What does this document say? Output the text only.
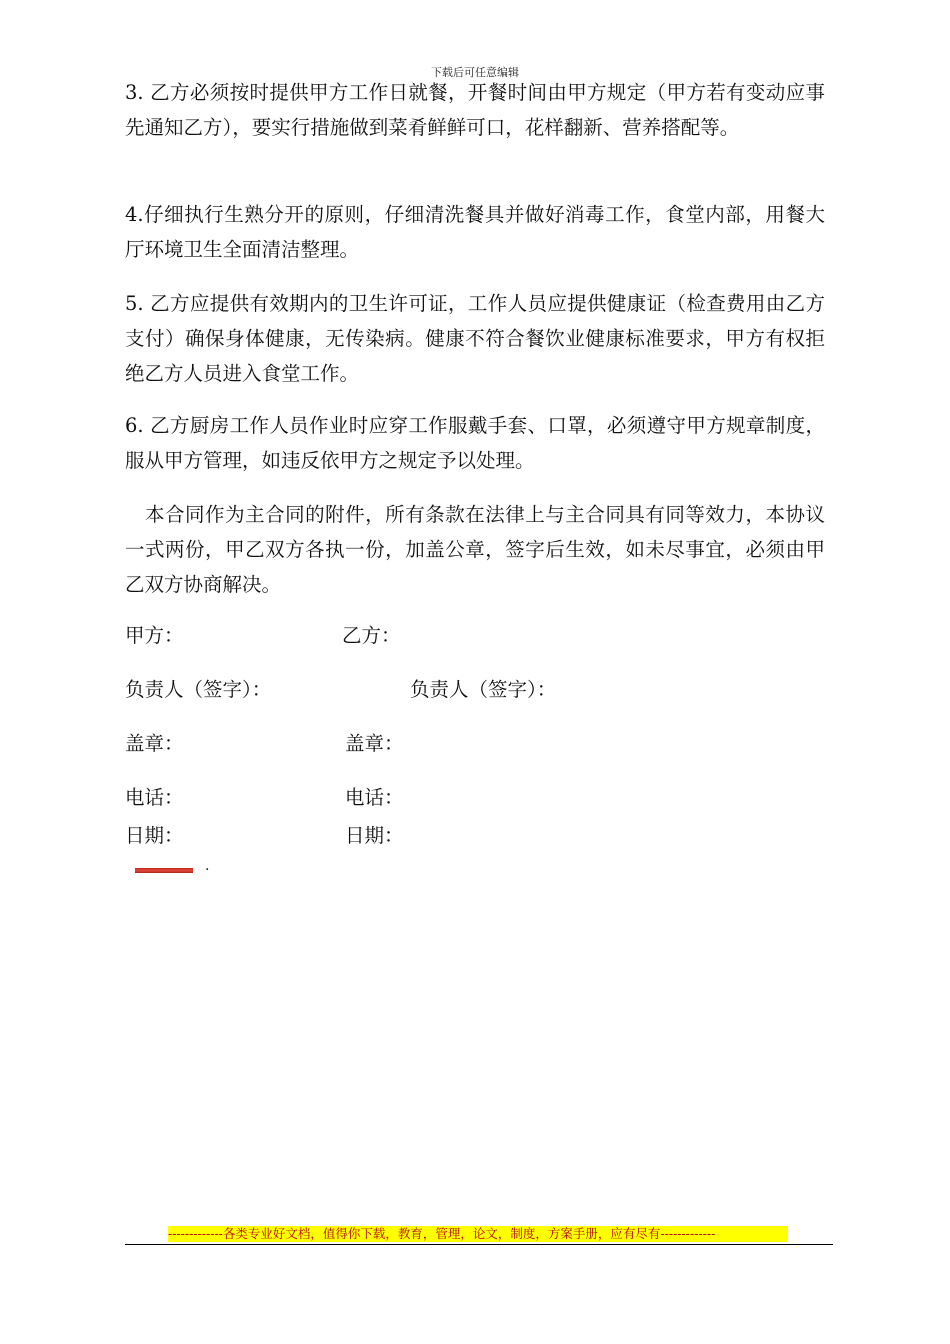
下载后可任意编辑

3. 乙方必须按时提供甲方工作日就餐，开餐时间由甲方规定（甲方若有变动应事先通知乙方），要实行措施做到菜肴鲜鲜可口，花样翻新、营养搭配等。

4.仔细执行生熟分开的原则，仔细清洗餐具并做好消毒工作，食堂内部，用餐大厅环境卫生全面清洁整理。

5. 乙方应提供有效期内的卫生许可证，工作人员应提供健康证（检查费用由乙方支付）确保身体健康，无传染病。健康不符合餐饮业健康标准要求，甲方有权拒绝乙方人员进入食堂工作。

6. 乙方厨房工作人员作业时应穿工作服戴手套、口罩，必须遵守甲方规章制度，服从甲方管理，如违反依甲方之规定予以处理。

　本合同作为主合同的附件，所有条款在法律上与主合同具有同等效力，本协议一式两份，甲乙双方各执一份，加盖公章，签字后生效，如未尽事宜，必须由甲乙双方协商解决。

甲方：	乙方：
负责人（签字）：	负责人（签字）：
盖章：	盖章：
电话：	电话：
日期：	日期：
.
-------------各类专业好文档，值得你下载，教育，管理，论文，制度，方案手册，应有尽有-------------
